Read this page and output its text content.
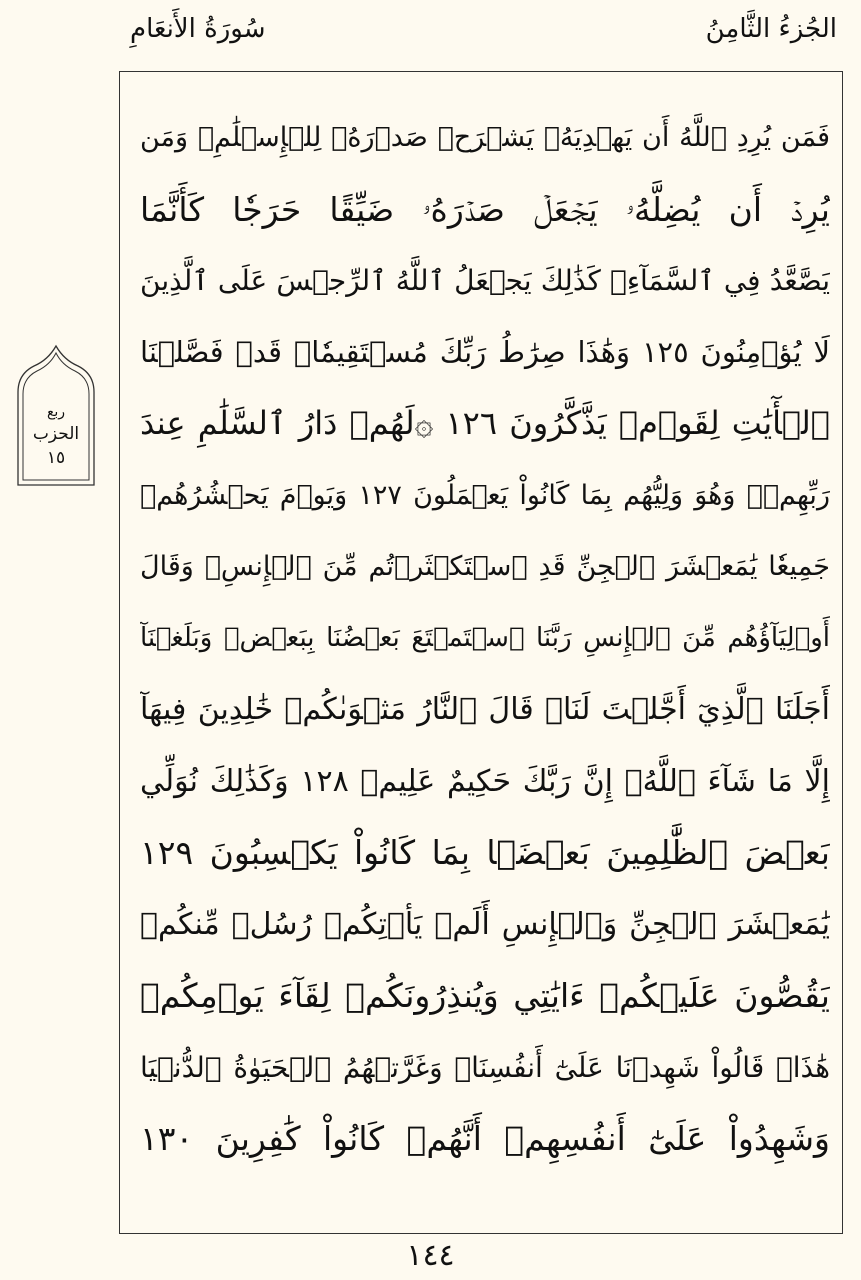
الجُزءُ الثَّامِنُ
سُورَةُ الأَنعَامِ
ربع
الحزب
١٥
فَمَن يُرِدِ ٱللَّهُ أَن يَهۡدِيَهُۥ يَشۡرَحۡ صَدۡرَهُۥ لِلۡإِسۡلَٰمِۖ وَمَن
يُرِدۡ أَن يُضِلَّهُۥ يَجۡعَلۡ صَدۡرَهُۥ ضَيِّقًا حَرَجٗا كَأَنَّمَا
يَصَّعَّدُ فِي ٱلسَّمَآءِۚ كَذَٰلِكَ يَجۡعَلُ ٱللَّهُ ٱلرِّجۡسَ عَلَى ٱلَّذِينَ
لَا يُؤۡمِنُونَ ١٢٥ وَهَٰذَا صِرَٰطُ رَبِّكَ مُسۡتَقِيمٗاۗ قَدۡ فَصَّلۡنَا
ٱلۡأٓيَٰتِ لِقَوۡمٖ يَذَّكَّرُونَ ١٢٦ ۞لَهُمۡ دَارُ ٱلسَّلَٰمِ عِندَ
رَبِّهِمۡۖ وَهُوَ وَلِيُّهُم بِمَا كَانُواْ يَعۡمَلُونَ ١٢٧ وَيَوۡمَ يَحۡشُرُهُمۡ
جَمِيعٗا يَٰمَعۡشَرَ ٱلۡجِنِّ قَدِ ٱسۡتَكۡثَرۡتُم مِّنَ ٱلۡإِنسِۖ وَقَالَ
أَوۡلِيَآؤُهُم مِّنَ ٱلۡإِنسِ رَبَّنَا ٱسۡتَمۡتَعَ بَعۡضُنَا بِبَعۡضٖ وَبَلَغۡنَآ
أَجَلَنَا ٱلَّذِيٓ أَجَّلۡتَ لَنَاۚ قَالَ ٱلنَّارُ مَثۡوَىٰكُمۡ خَٰلِدِينَ فِيهَآ
إِلَّا مَا شَآءَ ٱللَّهُۗ إِنَّ رَبَّكَ حَكِيمٌ عَلِيمٞ ١٢٨ وَكَذَٰلِكَ نُوَلِّي
بَعۡضَ ٱلظَّٰلِمِينَ بَعۡضَۢا بِمَا كَانُواْ يَكۡسِبُونَ ١٢٩
يَٰمَعۡشَرَ ٱلۡجِنِّ وَٱلۡإِنسِ أَلَمۡ يَأۡتِكُمۡ رُسُلٞ مِّنكُمۡ
يَقُصُّونَ عَلَيۡكُمۡ ءَايَٰتِي وَيُنذِرُونَكُمۡ لِقَآءَ يَوۡمِكُمۡ
هَٰذَاۚ قَالُواْ شَهِدۡنَا عَلَىٰٓ أَنفُسِنَاۖ وَغَرَّتۡهُمُ ٱلۡحَيَوٰةُ ٱلدُّنۡيَا
وَشَهِدُواْ عَلَىٰٓ أَنفُسِهِمۡ أَنَّهُمۡ كَانُواْ كَٰفِرِينَ ١٣٠
١٤٤
